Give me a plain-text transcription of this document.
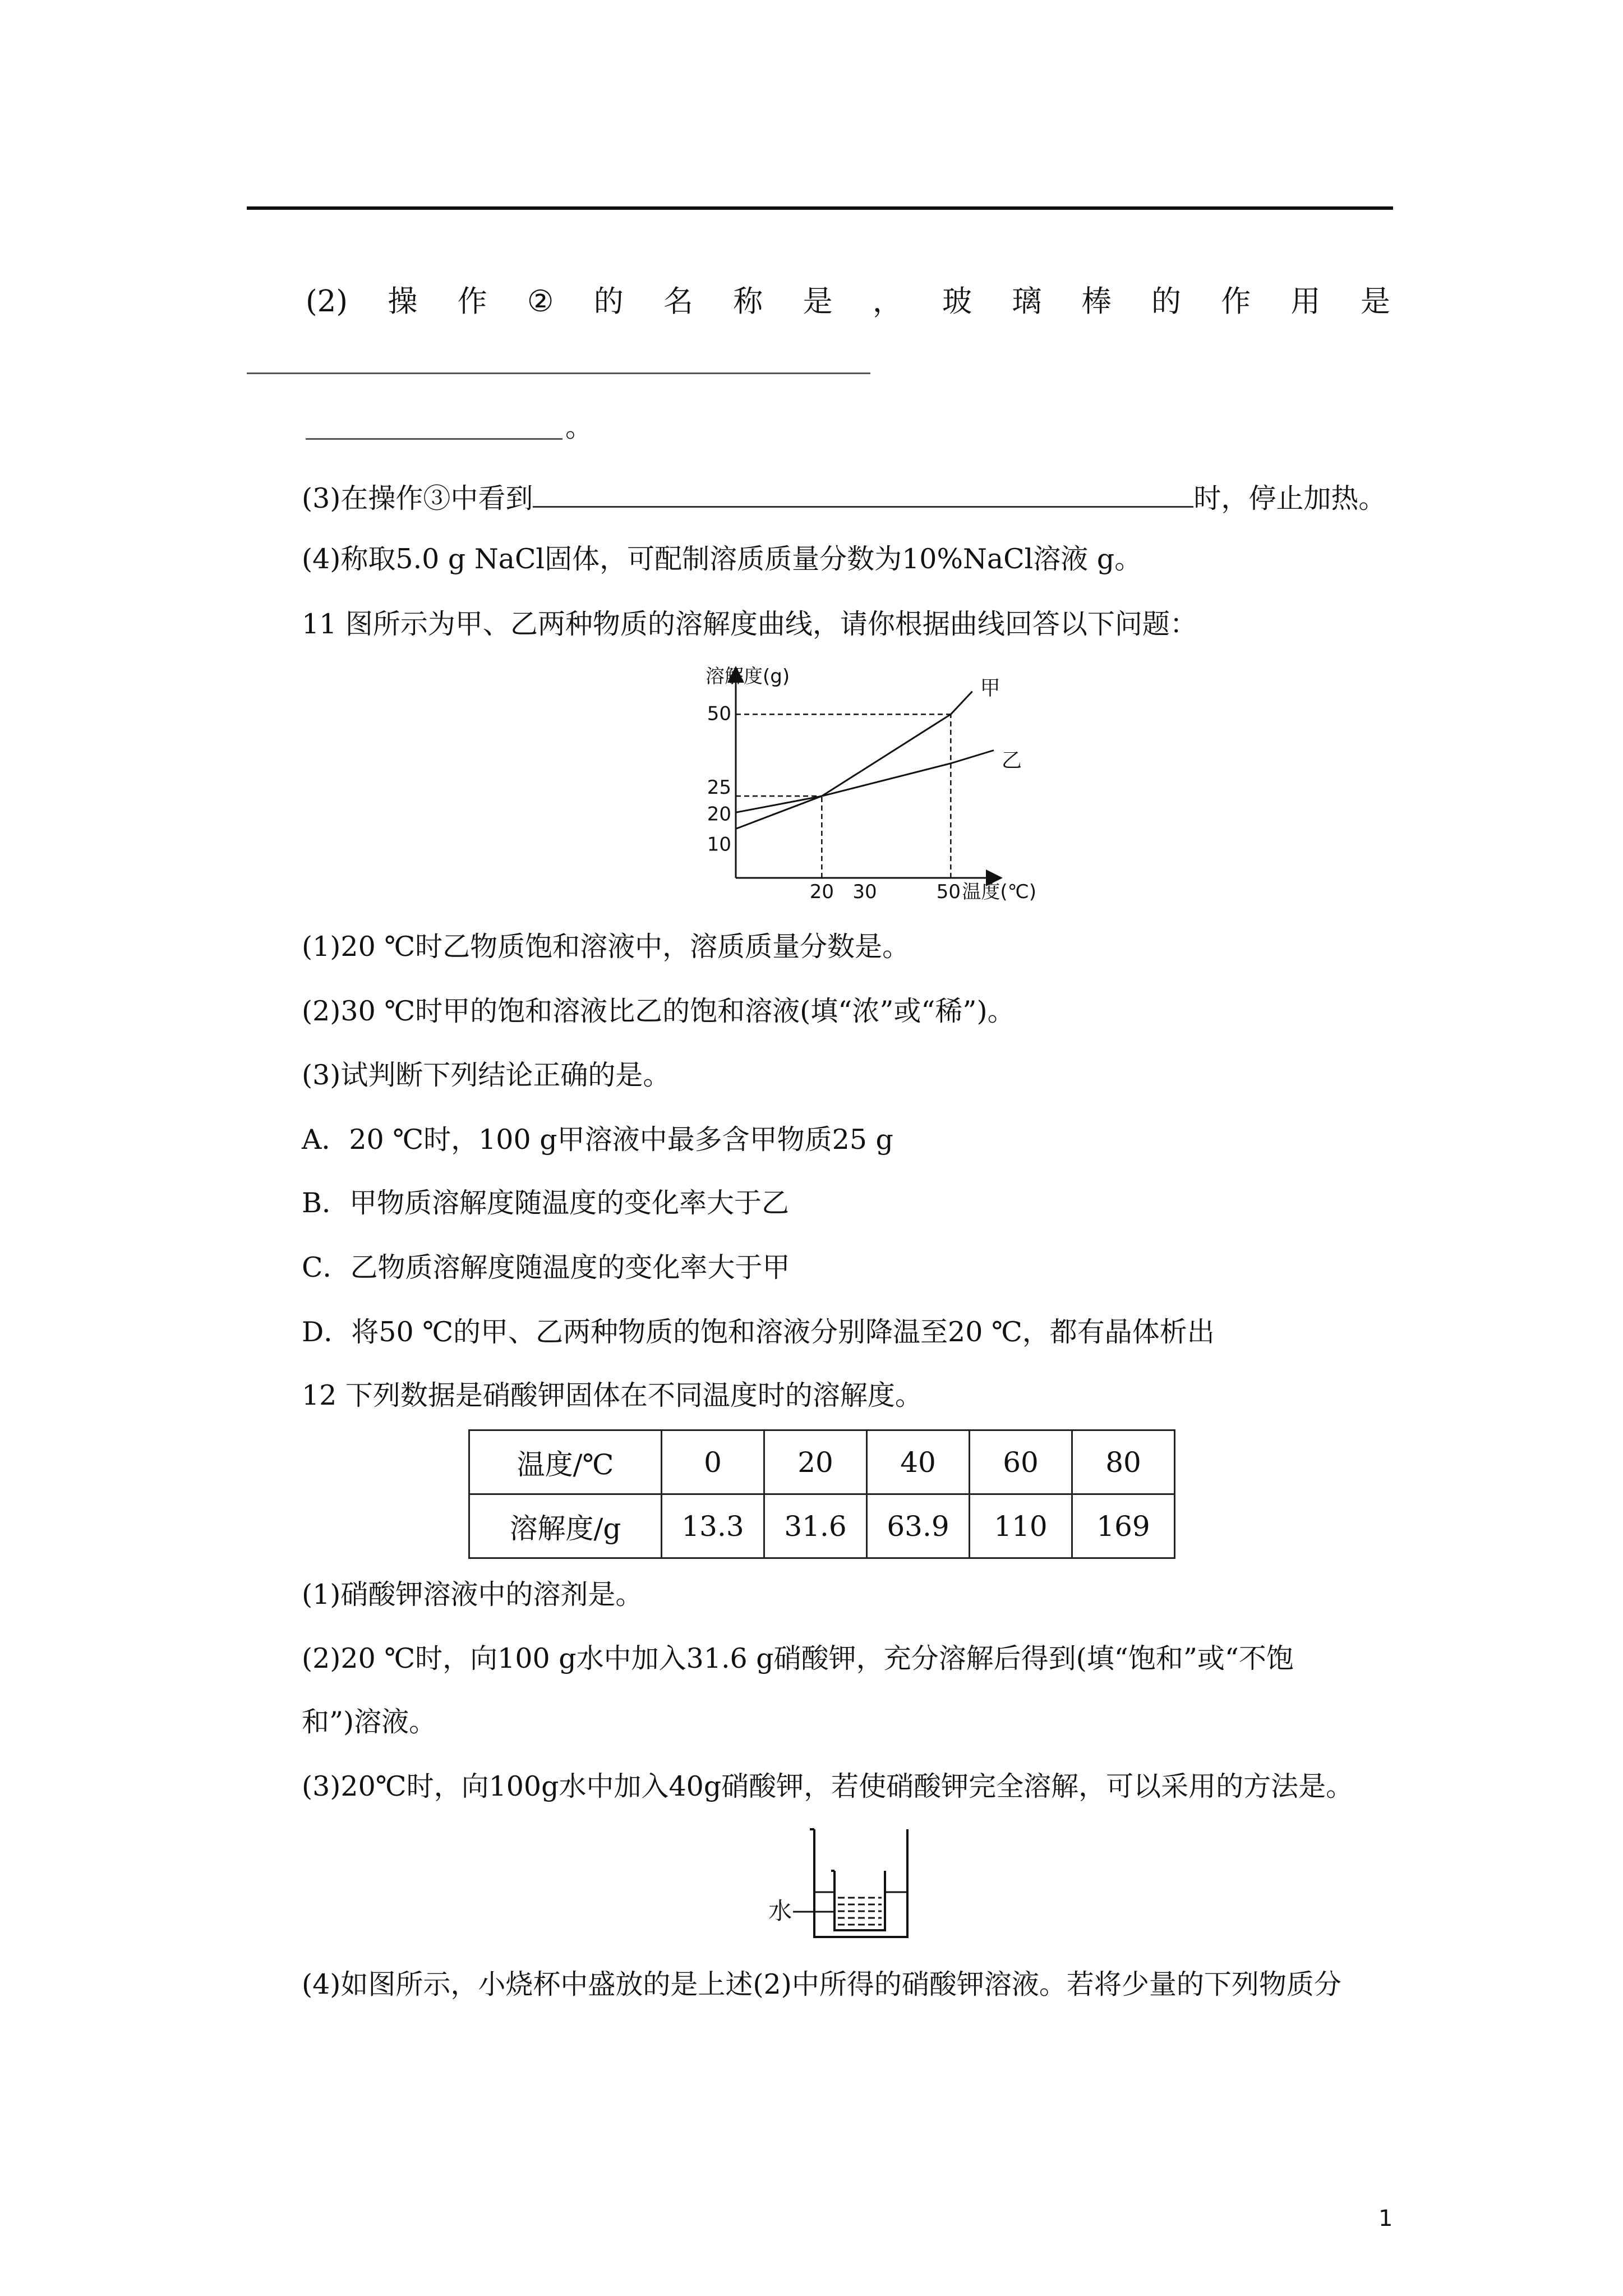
(2) 操 作 ② 的 名 称 是 ， 玻 璃 棒 的 作 用 是
。
(3)在操作③中看到	时，停止加热。
(4)称取5.0 g NaCl固体，可配制溶质质量分数为10%NaCl溶液 g。
11 图所示为甲、乙两种物质的溶解度曲线，请你根据曲线回答以下问题：
10
20
25
50
20 30	50
甲
乙
溶解度(g)
温度(℃)
(1)20 ℃时乙物质饱和溶液中，溶质质量分数是。
(2)30 ℃时甲的饱和溶液比乙的饱和溶液(填“浓”或“稀”)。
(3)试判断下列结论正确的是。
A．20 ℃时，100 g甲溶液中最多含甲物质25 g
B．甲物质溶解度随温度的变化率大于乙
C．乙物质溶解度随温度的变化率大于甲
D．将50 ℃的甲、乙两种物质的饱和溶液分别降温至20 ℃，都有晶体析出
12 下列数据是硝酸钾固体在不同温度时的溶解度。
温度/℃	0	20	40	60	80
溶解度/g	13.3	31.6	63.9	110	169
(1)硝酸钾溶液中的溶剂是。
(2)20 ℃时，向100 g水中加入31.6 g硝酸钾，充分溶解后得到(填“饱和”或“不饱
和”)溶液。
(3)20℃时，向100g水中加入40g硝酸钾，若使硝酸钾完全溶解，可以采用的方法是。
水
(4)如图所示，小烧杯中盛放的是上述(2)中所得的硝酸钾溶液。若将少量的下列物质分
1
